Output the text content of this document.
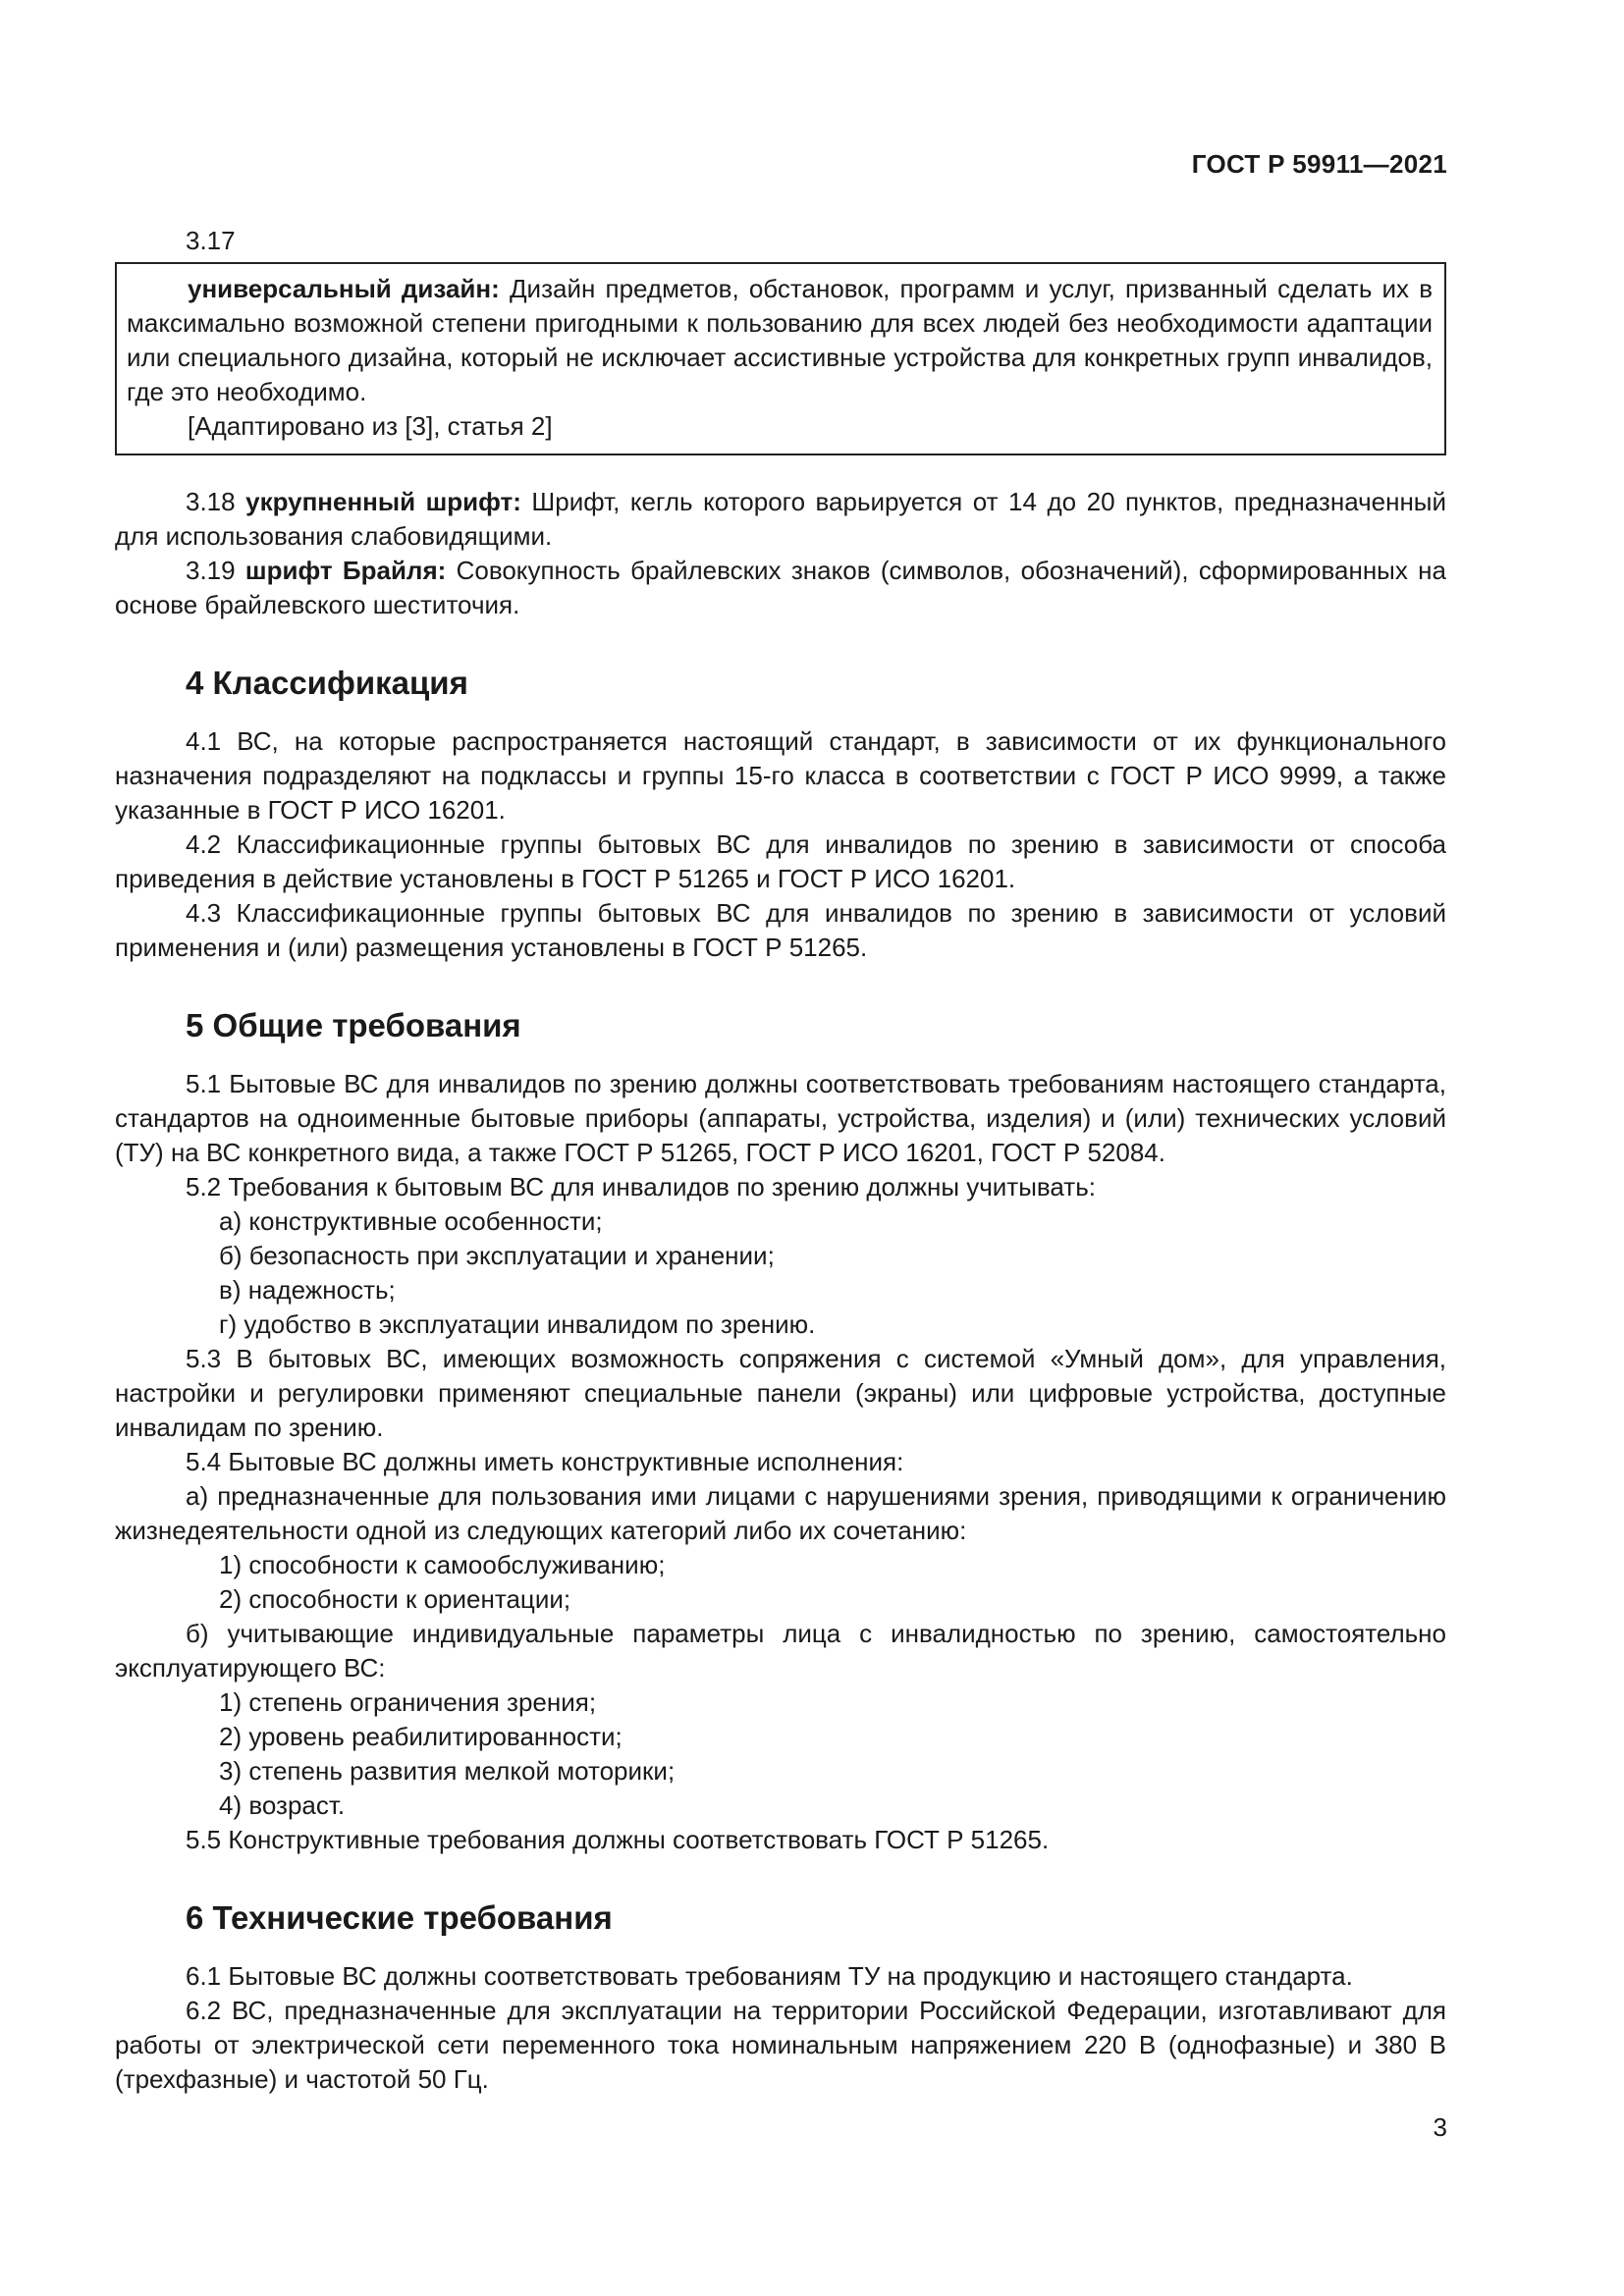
ГОСТ Р 59911—2021

3.17

универсальный дизайн: Дизайн предметов, обстановок, программ и услуг, призванный сделать их в максимально возможной степени пригодными к пользованию для всех людей без необходимости адаптации или специального дизайна, который не исключает ассистивные устройства для конкретных групп инвалидов, где это необходимо.

[Адаптировано из [3], статья 2]

3.18 укрупненный шрифт: Шрифт, кегль которого варьируется от 14 до 20 пунктов, предназначенный для использования слабовидящими.

3.19 шрифт Брайля: Совокупность брайлевских знаков (символов, обозначений), сформированных на основе брайлевского шеститочия.

4 Классификация

4.1 ВС, на которые распространяется настоящий стандарт, в зависимости от их функционального назначения подразделяют на подклассы и группы 15-го класса в соответствии с ГОСТ Р ИСО 9999, а также указанные в ГОСТ Р ИСО 16201.

4.2 Классификационные группы бытовых ВС для инвалидов по зрению в зависимости от способа приведения в действие установлены в ГОСТ Р 51265 и ГОСТ Р ИСО 16201.

4.3 Классификационные группы бытовых ВС для инвалидов по зрению в зависимости от условий применения и (или) размещения установлены в ГОСТ Р 51265.

5 Общие требования

5.1 Бытовые ВС для инвалидов по зрению должны соответствовать требованиям настоящего стандарта, стандартов на одноименные бытовые приборы (аппараты, устройства, изделия) и (или) технических условий (ТУ) на ВС конкретного вида, а также ГОСТ Р 51265, ГОСТ Р ИСО 16201, ГОСТ Р 52084.

5.2 Требования к бытовым ВС для инвалидов по зрению должны учитывать:

а) конструктивные особенности;

б) безопасность при эксплуатации и хранении;

в) надежность;

г) удобство в эксплуатации инвалидом по зрению.

5.3 В бытовых ВС, имеющих возможность сопряжения с системой «Умный дом», для управления, настройки и регулировки применяют специальные панели (экраны) или цифровые устройства, доступные инвалидам по зрению.

5.4 Бытовые ВС должны иметь конструктивные исполнения:

а) предназначенные для пользования ими лицами с нарушениями зрения, приводящими к ограничению жизнедеятельности одной из следующих категорий либо их сочетанию:

1) способности к самообслуживанию;

2) способности к ориентации;

б) учитывающие индивидуальные параметры лица с инвалидностью по зрению, самостоятельно эксплуатирующего ВС:

1) степень ограничения зрения;

2) уровень реабилитированности;

3) степень развития мелкой моторики;

4) возраст.

5.5 Конструктивные требования должны соответствовать ГОСТ Р 51265.

6 Технические требования

6.1 Бытовые ВС должны соответствовать требованиям ТУ на продукцию и настоящего стандарта.

6.2 ВС, предназначенные для эксплуатации на территории Российской Федерации, изготавливают для работы от электрической сети переменного тока номинальным напряжением 220 В (однофазные) и 380 В (трехфазные) и частотой 50 Гц.

3
